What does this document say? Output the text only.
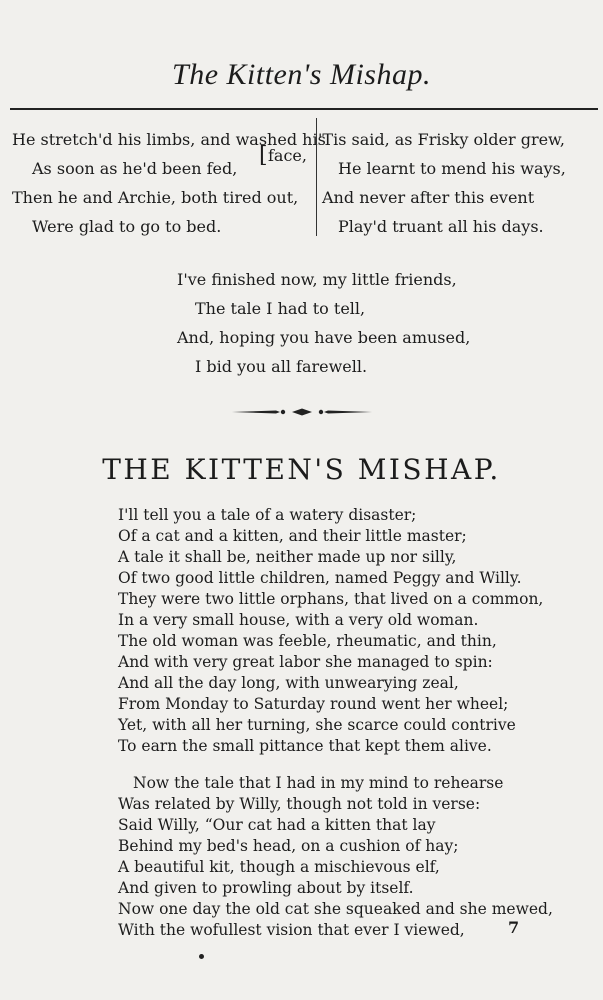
The Kitten's Mishap.
He stretch'd his limbs, and washed his
As soon as he'd been fed,
Then he and Archie, both tired out,
Were glad to go to bed.
[ face,
'Tis said, as Frisky older grew,
He learnt to mend his ways,
And never after this event
Play'd truant all his days.
I've finished now, my little friends,
The tale I had to tell,
And, hoping you have been amused,
I bid you all farewell.
THE KITTEN'S MISHAP.
I'll tell you a tale of a watery disaster;
Of a cat and a kitten, and their little master;
A tale it shall be, neither made up nor silly,
Of two good little children, named Peggy and Willy.
They were two little orphans, that lived on a common,
In a very small house, with a very old woman.
The old woman was feeble, rheumatic, and thin,
And with very great labor she managed to spin:
And all the day long, with unwearying zeal,
From Monday to Saturday round went her wheel;
Yet, with all her turning, she scarce could contrive
To earn the small pittance that kept them alive.
Now the tale that I had in my mind to rehearse
Was related by Willy, though not told in verse:
Said Willy, “Our cat had a kitten that lay
Behind my bed's head, on a cushion of hay;
A beautiful kit, though a mischievous elf,
And given to prowling about by itself.
Now one day the old cat she squeaked and she mewed,
With the wofullest vision that ever I viewed,	7
